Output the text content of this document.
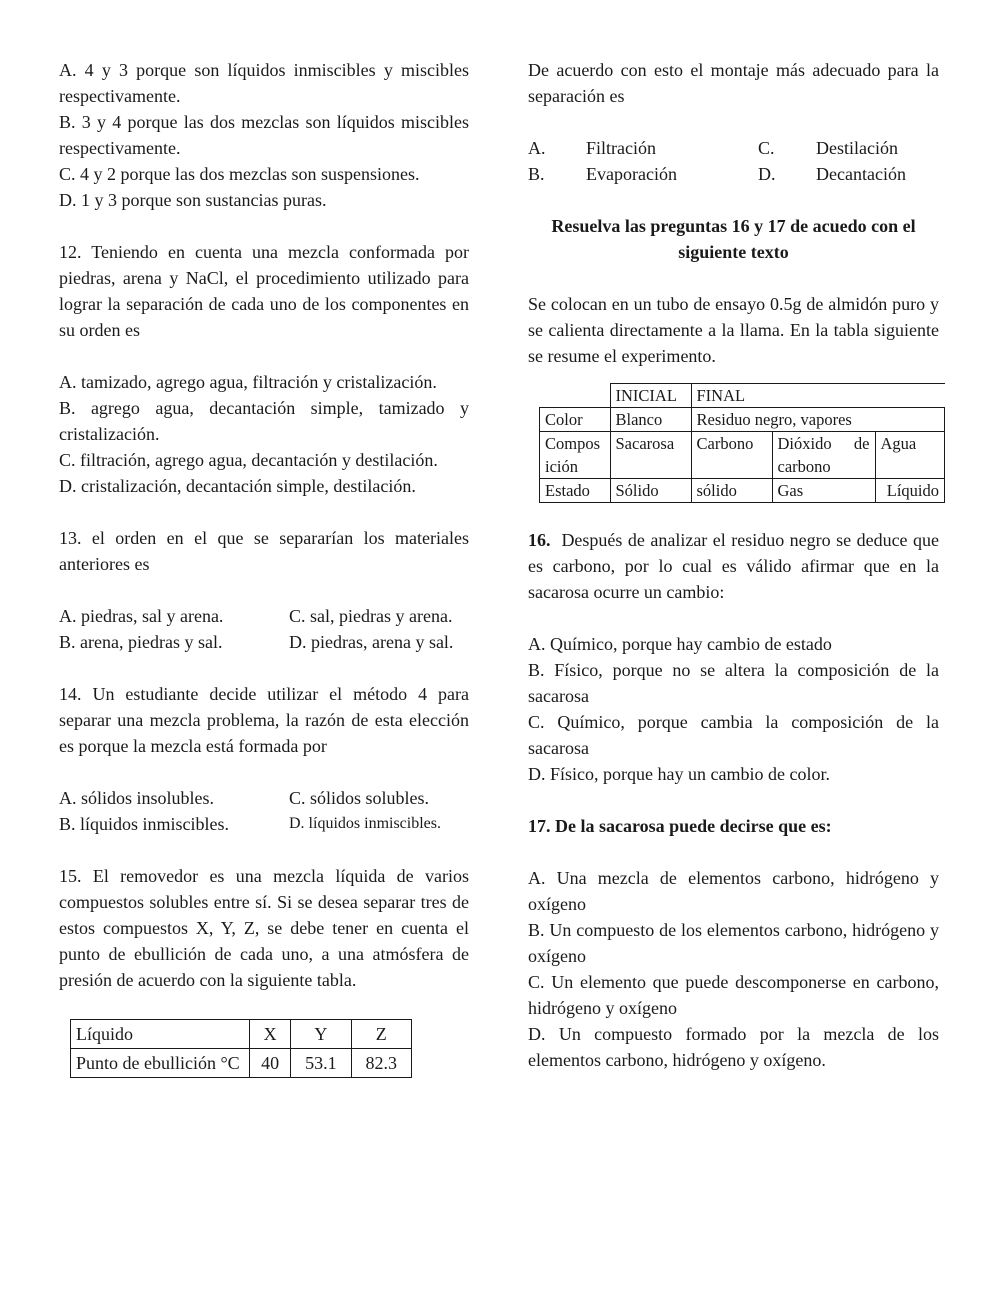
A. 4 y 3 porque son líquidos inmiscibles y miscibles respectivamente.

B. 3 y 4 porque las dos mezclas son líquidos miscibles respectivamente.

C. 4 y 2 porque las dos mezclas son suspensiones.

D. 1 y 3 porque son sustancias puras.

12. Teniendo en cuenta una mezcla conformada por piedras, arena y NaCl, el procedimiento utilizado para lograr la separación de cada uno de los componentes en su orden es

A. tamizado, agrego agua, filtración y cristalización.

B. agrego agua, decantación simple, tamizado y cristalización.

C. filtración, agrego agua, decantación y destilación.

D. cristalización, decantación simple, destilación.

13. el orden en el que se separarían los materiales anteriores es

A. piedras, sal y arena.	C. sal, piedras y arena.
B. arena, piedras y sal.	D. piedras, arena y sal.

14. Un estudiante decide utilizar el método 4 para separar una mezcla problema, la razón de esta elección es porque la mezcla está formada por

A. sólidos insolubles.	C. sólidos solubles.
B. líquidos inmiscibles.	D. líquidos inmiscibles.

15. El removedor es una mezcla líquida de varios compuestos solubles entre sí. Si se desea separar tres de estos compuestos X, Y, Z, se debe tener en cuenta el punto de ebullición de cada uno, a una atmósfera de presión de acuerdo con la siguiente tabla.

Líquido	X	Y	Z
Punto de ebullición °C	40	53.1	82.3

De acuerdo con esto el montaje más adecuado para la separación es

A.	Filtración	C.	Destilación
B.	Evaporación	D.	Decantación

Resuelva las preguntas 16 y 17 de acuedo con el

siguiente texto

Se colocan en un tubo de ensayo 0.5g de almidón puro y se calienta directamente a la llama. En la tabla siguiente se resume el experimento.

	INICIAL	FINAL		
Color	Blanco	Residuo negro, vapores		
Composición	Sacarosa	Carbono	Dióxido de carbono	Agua
Estado	Sólido	sólido	Gas	Líquido

16. Después de analizar el residuo negro se deduce que es carbono, por lo cual es válido afirmar que en la sacarosa ocurre un cambio:

A. Químico, porque hay cambio de estado

B. Físico, porque no se altera la composición de la sacarosa

C. Químico, porque cambia la composición de la sacarosa

D. Físico, porque hay un cambio de color.

17. De la sacarosa puede decirse que es:

A. Una mezcla de elementos carbono, hidrógeno y oxígeno

B. Un compuesto de los elementos carbono, hidrógeno y oxígeno

C. Un elemento que puede descomponerse en carbono, hidrógeno y oxígeno

D. Un compuesto formado por la mezcla de los elementos carbono, hidrógeno y oxígeno.
